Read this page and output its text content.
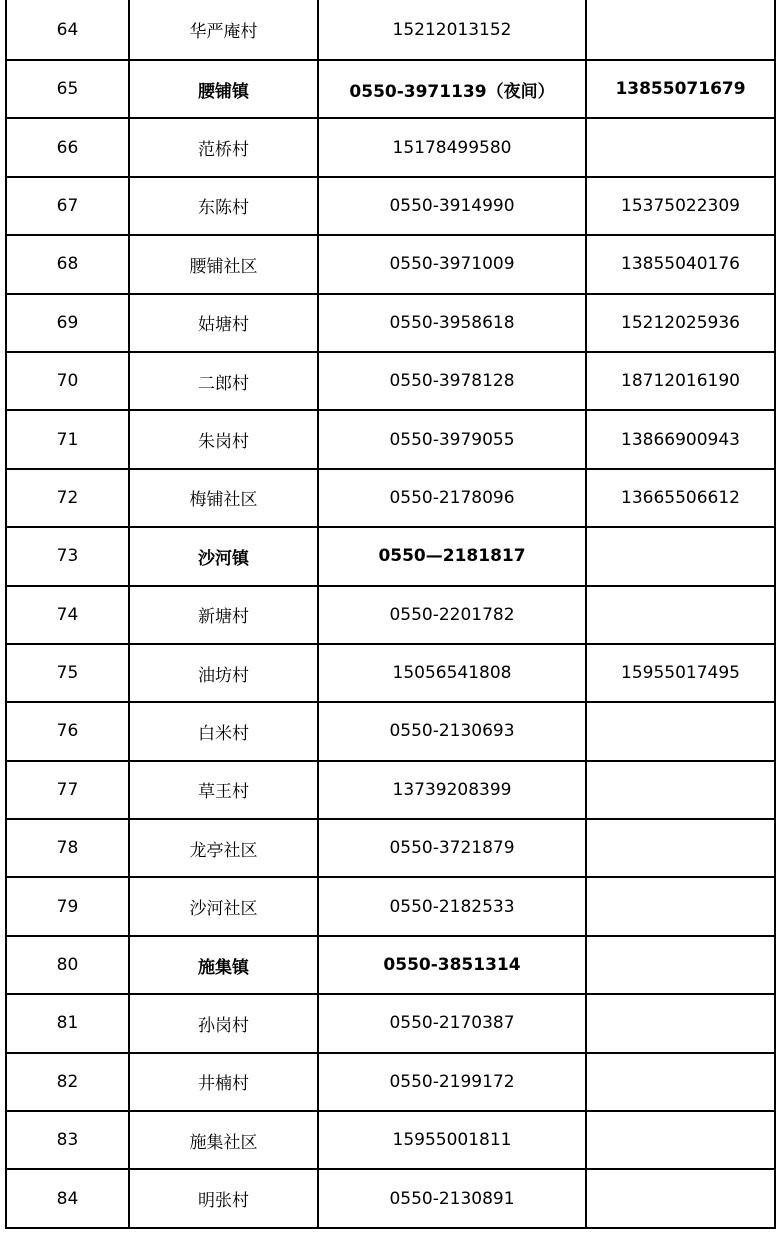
64	华严庵村	15212013152
65	腰铺镇	0550-3971139（夜间）	13855071679
66	范桥村	15178499580
67	东陈村	0550-3914990	15375022309
68	腰铺社区	0550-3971009	13855040176
69	姑塘村	0550-3958618	15212025936
70	二郎村	0550-3978128	18712016190
71	朱岗村	0550-3979055	13866900943
72	梅铺社区	0550-2178096	13665506612
73	沙河镇	0550—2181817
74	新塘村	0550-2201782
75	油坊村	15056541808	15955017495
76	白米村	0550-2130693
77	草王村	13739208399
78	龙亭社区	0550-3721879
79	沙河社区	0550-2182533
80	施集镇	0550-3851314
81	孙岗村	0550-2170387
82	井楠村	0550-2199172
83	施集社区	15955001811
84	明张村	0550-2130891
